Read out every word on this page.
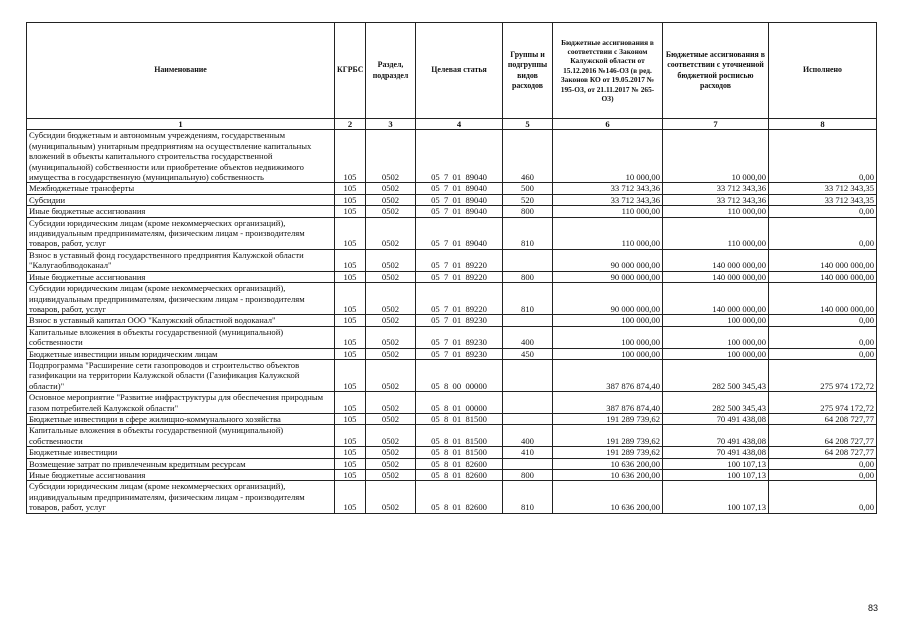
Наименование	КГРБС	Раздел, подраздел	Целевая статья	Группы и подгруппы видов расходов	Бюджетные ассигнования в соответствии с Законом Калужской области от 15.12.2016 №146-ОЗ (в ред. Законов КО от 19.05.2017 № 195-ОЗ, от 21.11.2017 № 265-ОЗ)	Бюджетные ассигнования в соответствии с уточненной бюджетной росписью расходов	Исполнено
1	2	3	4	5	6	7	8
Субсидии бюджетным и автономным учреждениям, государственным (муниципальным) унитарным предприятиям на осуществление капитальных вложений в объекты капитального строительства государственной (муниципальной) собственности или приобретение объектов недвижимого имущества в государственную (муниципальную) собственность	105	0502	05  7  01  89040	460	10 000,00	10 000,00	0,00
Межбюджетные трансферты	105	0502	05  7  01  89040	500	33 712 343,36	33 712 343,36	33 712 343,35
Субсидии	105	0502	05  7  01  89040	520	33 712 343,36	33 712 343,36	33 712 343,35
Иные бюджетные ассигнования	105	0502	05  7  01  89040	800	110 000,00	110 000,00	0,00
Субсидии юридическим лицам (кроме некоммерческих организаций), индивидуальным предпринимателям, физическим лицам - производителям товаров, работ, услуг	105	0502	05  7  01  89040	810	110 000,00	110 000,00	0,00
Взнос в уставный фонд государственного предприятия Калужской области "Калугаоблводоканал"	105	0502	05  7  01  89220		90 000 000,00	140 000 000,00	140 000 000,00
Иные бюджетные ассигнования	105	0502	05  7  01  89220	800	90 000 000,00	140 000 000,00	140 000 000,00
Субсидии юридическим лицам (кроме некоммерческих организаций), индивидуальным предпринимателям, физическим лицам - производителям товаров, работ, услуг	105	0502	05  7  01  89220	810	90 000 000,00	140 000 000,00	140 000 000,00
Взнос в уставный капитал ООО "Калужский областной водоканал"	105	0502	05  7  01  89230		100 000,00	100 000,00	0,00
Капитальные вложения в объекты государственной (муниципальной) собственности	105	0502	05  7  01  89230	400	100 000,00	100 000,00	0,00
Бюджетные инвестиции иным юридическим лицам	105	0502	05  7  01  89230	450	100 000,00	100 000,00	0,00
Подпрограмма "Расширение сети газопроводов и строительство объектов газификации на территории Калужской области (Газификация Калужской области)"	105	0502	05  8  00  00000		387 876 874,40	282 500 345,43	275 974 172,72
Основное мероприятие "Развитие инфраструктуры для обеспечения природным газом потребителей Калужской области"	105	0502	05  8  01  00000		387 876 874,40	282 500 345,43	275 974 172,72
Бюджетные инвестиции в сфере жилищно-коммунального хозяйства	105	0502	05  8  01  81500		191 289 739,62	70 491 438,08	64 208 727,77
Капитальные вложения в объекты государственной (муниципальной) собственности	105	0502	05  8  01  81500	400	191 289 739,62	70 491 438,08	64 208 727,77
Бюджетные инвестиции	105	0502	05  8  01  81500	410	191 289 739,62	70 491 438,08	64 208 727,77
Возмещение затрат по привлеченным кредитным ресурсам	105	0502	05  8  01  82600		10 636 200,00	100 107,13	0,00
Иные бюджетные ассигнования	105	0502	05  8  01  82600	800	10 636 200,00	100 107,13	0,00
Субсидии юридическим лицам (кроме некоммерческих организаций), индивидуальным предпринимателям, физическим лицам - производителям товаров, работ, услуг	105	0502	05  8  01  82600	810	10 636 200,00	100 107,13	0,00
83
